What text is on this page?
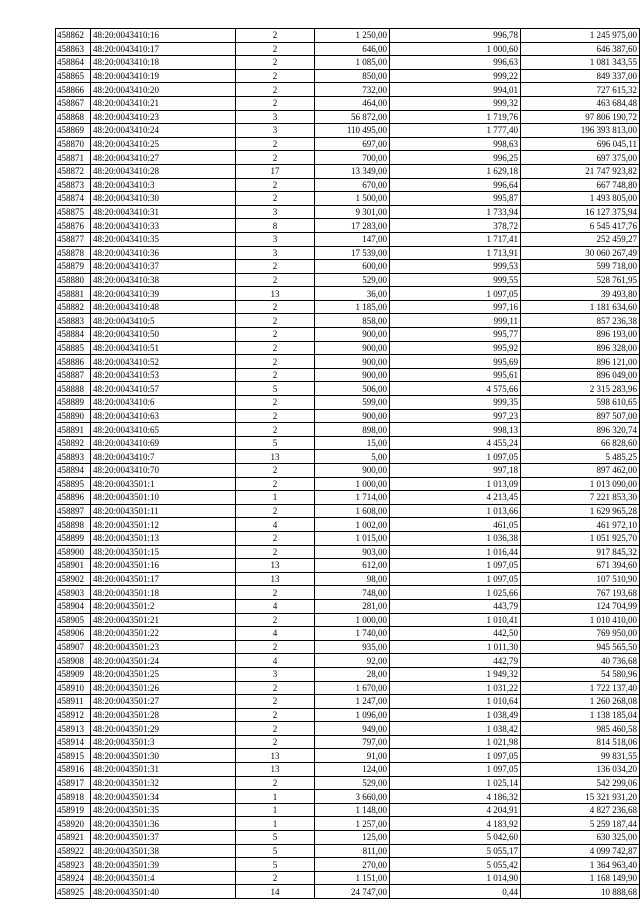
458862	48:20:0043410:16	2	1 250,00	996,78	1 245 975,00
458863	48:20:0043410:17	2	646,00	1 000,60	646 387,60
458864	48:20:0043410:18	2	1 085,00	996,63	1 081 343,55
458865	48:20:0043410:19	2	850,00	999,22	849 337,00
458866	48:20:0043410:20	2	732,00	994,01	727 615,32
458867	48:20:0043410:21	2	464,00	999,32	463 684,48
458868	48:20:0043410:23	3	56 872,00	1 719,76	97 806 190,72
458869	48:20:0043410:24	3	110 495,00	1 777,40	196 393 813,00
458870	48:20:0043410:25	2	697,00	998,63	696 045,11
458871	48:20:0043410:27	2	700,00	996,25	697 375,00
458872	48:20:0043410:28	17	13 349,00	1 629,18	21 747 923,82
458873	48:20:0043410:3	2	670,00	996,64	667 748,80
458874	48:20:0043410:30	2	1 500,00	995,87	1 493 805,00
458875	48:20:0043410:31	3	9 301,00	1 733,94	16 127 375,94
458876	48:20:0043410:33	8	17 283,00	378,72	6 545 417,76
458877	48:20:0043410:35	3	147,00	1 717,41	252 459,27
458878	48:20:0043410:36	3	17 539,00	1 713,91	30 060 267,49
458879	48:20:0043410:37	2	600,00	999,53	599 718,00
458880	48:20:0043410:38	2	529,00	999,55	528 761,95
458881	48:20:0043410:39	13	36,00	1 097,05	39 493,80
458882	48:20:0043410:48	2	1 185,00	997,16	1 181 634,60
458883	48:20:0043410:5	2	858,00	999,11	857 236,38
458884	48:20:0043410:50	2	900,00	995,77	896 193,00
458885	48:20:0043410:51	2	900,00	995,92	896 328,00
458886	48:20:0043410:52	2	900,00	995,69	896 121,00
458887	48:20:0043410:53	2	900,00	995,61	896 049,00
458888	48:20:0043410:57	5	506,00	4 575,66	2 315 283,96
458889	48:20:0043410:6	2	599,00	999,35	598 610,65
458890	48:20:0043410:63	2	900,00	997,23	897 507,00
458891	48:20:0043410:65	2	898,00	998,13	896 320,74
458892	48:20:0043410:69	5	15,00	4 455,24	66 828,60
458893	48:20:0043410:7	13	5,00	1 097,05	5 485,25
458894	48:20:0043410:70	2	900,00	997,18	897 462,00
458895	48:20:0043501:1	2	1 000,00	1 013,09	1 013 090,00
458896	48:20:0043501:10	1	1 714,00	4 213,45	7 221 853,30
458897	48:20:0043501:11	2	1 608,00	1 013,66	1 629 965,28
458898	48:20:0043501:12	4	1 002,00	461,05	461 972,10
458899	48:20:0043501:13	2	1 015,00	1 036,38	1 051 925,70
458900	48:20:0043501:15	2	903,00	1 016,44	917 845,32
458901	48:20:0043501:16	13	612,00	1 097,05	671 394,60
458902	48:20:0043501:17	13	98,00	1 097,05	107 510,90
458903	48:20:0043501:18	2	748,00	1 025,66	767 193,68
458904	48:20:0043501:2	4	281,00	443,79	124 704,99
458905	48:20:0043501:21	2	1 000,00	1 010,41	1 010 410,00
458906	48:20:0043501:22	4	1 740,00	442,50	769 950,00
458907	48:20:0043501:23	2	935,00	1 011,30	945 565,50
458908	48:20:0043501:24	4	92,00	442,79	40 736,68
458909	48:20:0043501:25	3	28,00	1 949,32	54 580,96
458910	48:20:0043501:26	2	1 670,00	1 031,22	1 722 137,40
458911	48:20:0043501:27	2	1 247,00	1 010,64	1 260 268,08
458912	48:20:0043501:28	2	1 096,00	1 038,49	1 138 185,04
458913	48:20:0043501:29	2	949,00	1 038,42	985 460,58
458914	48:20:0043501:3	2	797,00	1 021,98	814 518,06
458915	48:20:0043501:30	13	91,00	1 097,05	99 831,55
458916	48:20:0043501:31	13	124,00	1 097,05	136 034,20
458917	48:20:0043501:32	2	529,00	1 025,14	542 299,06
458918	48:20:0043501:34	1	3 660,00	4 186,32	15 321 931,20
458919	48:20:0043501:35	1	1 148,00	4 204,91	4 827 236,68
458920	48:20:0043501:36	1	1 257,00	4 183,92	5 259 187,44
458921	48:20:0043501:37	5	125,00	5 042,60	630 325,00
458922	48:20:0043501:38	5	811,00	5 055,17	4 099 742,87
458923	48:20:0043501:39	5	270,00	5 055,42	1 364 963,40
458924	48:20:0043501:4	2	1 151,00	1 014,90	1 168 149,90
458925	48:20:0043501:40	14	24 747,00	0,44	10 888,68
